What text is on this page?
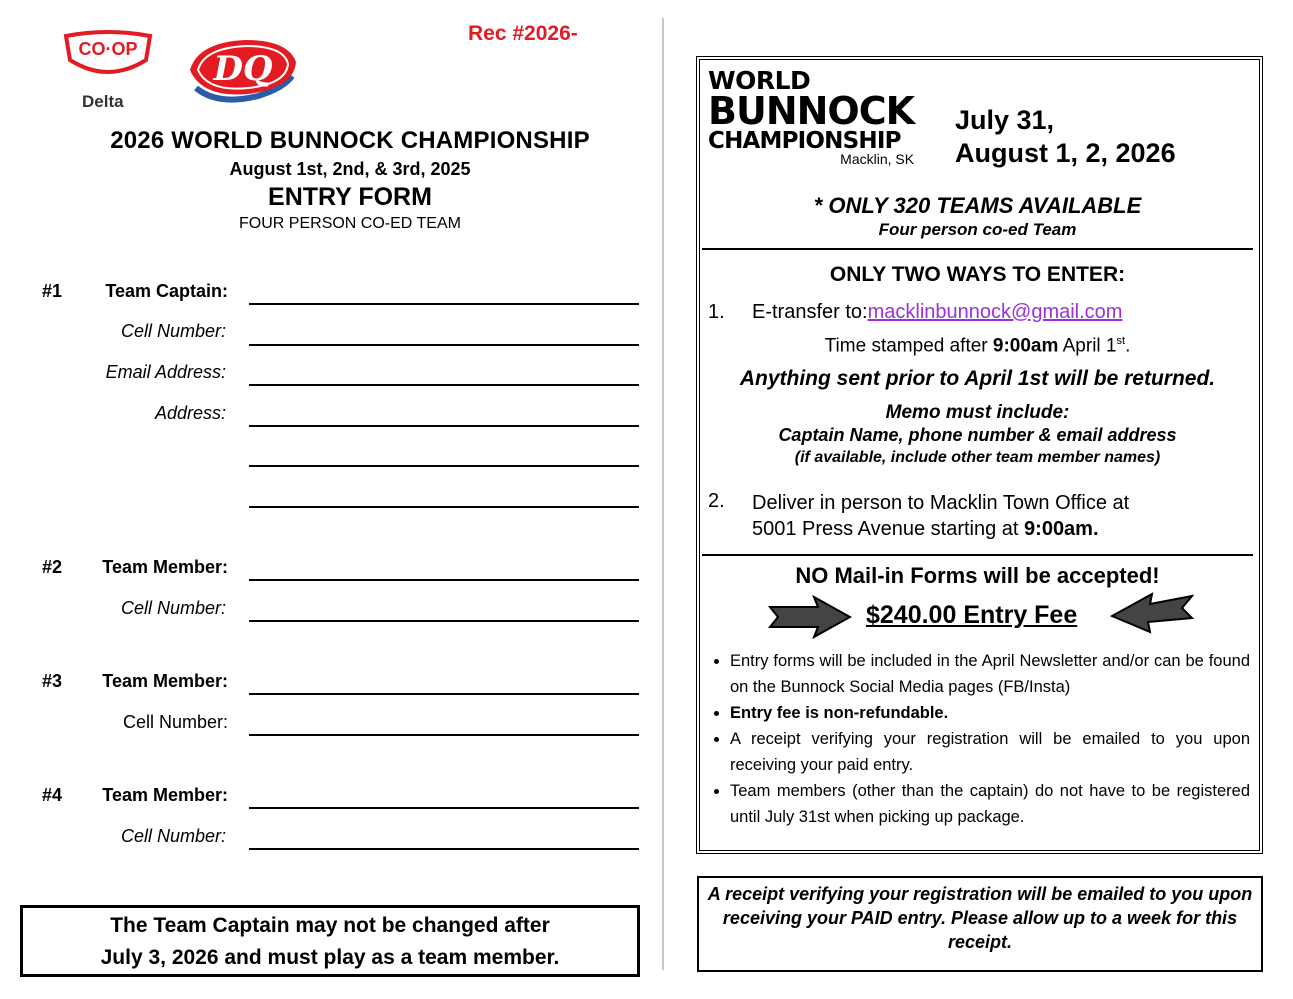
CO·OP
Delta
DQ
Rec #2026-
2026 WORLD BUNNOCK CHAMPIONSHIP
August 1st, 2nd, & 3rd, 2025
ENTRY FORM
FOUR PERSON CO-ED TEAM
#1	Team Captain:
Cell Number:
Email Address:
Address:
#2	Team Member:
Cell Number:
#3	Team Member:
Cell Number:
#4	Team Member:
Cell Number:
The Team Captain may not be changed after
July 3, 2026 and must play as a team member.
WORLD
BUNNOCK
CHAMPIONSHIP
Macklin, SK
July 31,
August 1, 2, 2026
* ONLY 320 TEAMS AVAILABLE
Four person co-ed Team
ONLY TWO WAYS TO ENTER:
1. E-transfer to:macklinbunnock@gmail.com
Time stamped after 9:00am April 1st.
Anything sent prior to April 1st will be returned.
Memo must include:
Captain Name, phone number & email address
(if available, include other team member names)
2. Deliver in person to Macklin Town Office at
5001 Press Avenue starting at 9:00am.
NO Mail-in Forms will be accepted!
$240.00 Entry Fee
• Entry forms will be included in the April Newsletter and/or can be found on the Bunnock Social Media pages (FB/Insta)
• Entry fee is non-refundable.
• A receipt verifying your registration will be emailed to you upon receiving your paid entry.
• Team members (other than the captain) do not have to be registered until July 31st when picking up package.
A receipt verifying your registration will be emailed to you upon receiving your PAID entry. Please allow up to a week for this receipt.
